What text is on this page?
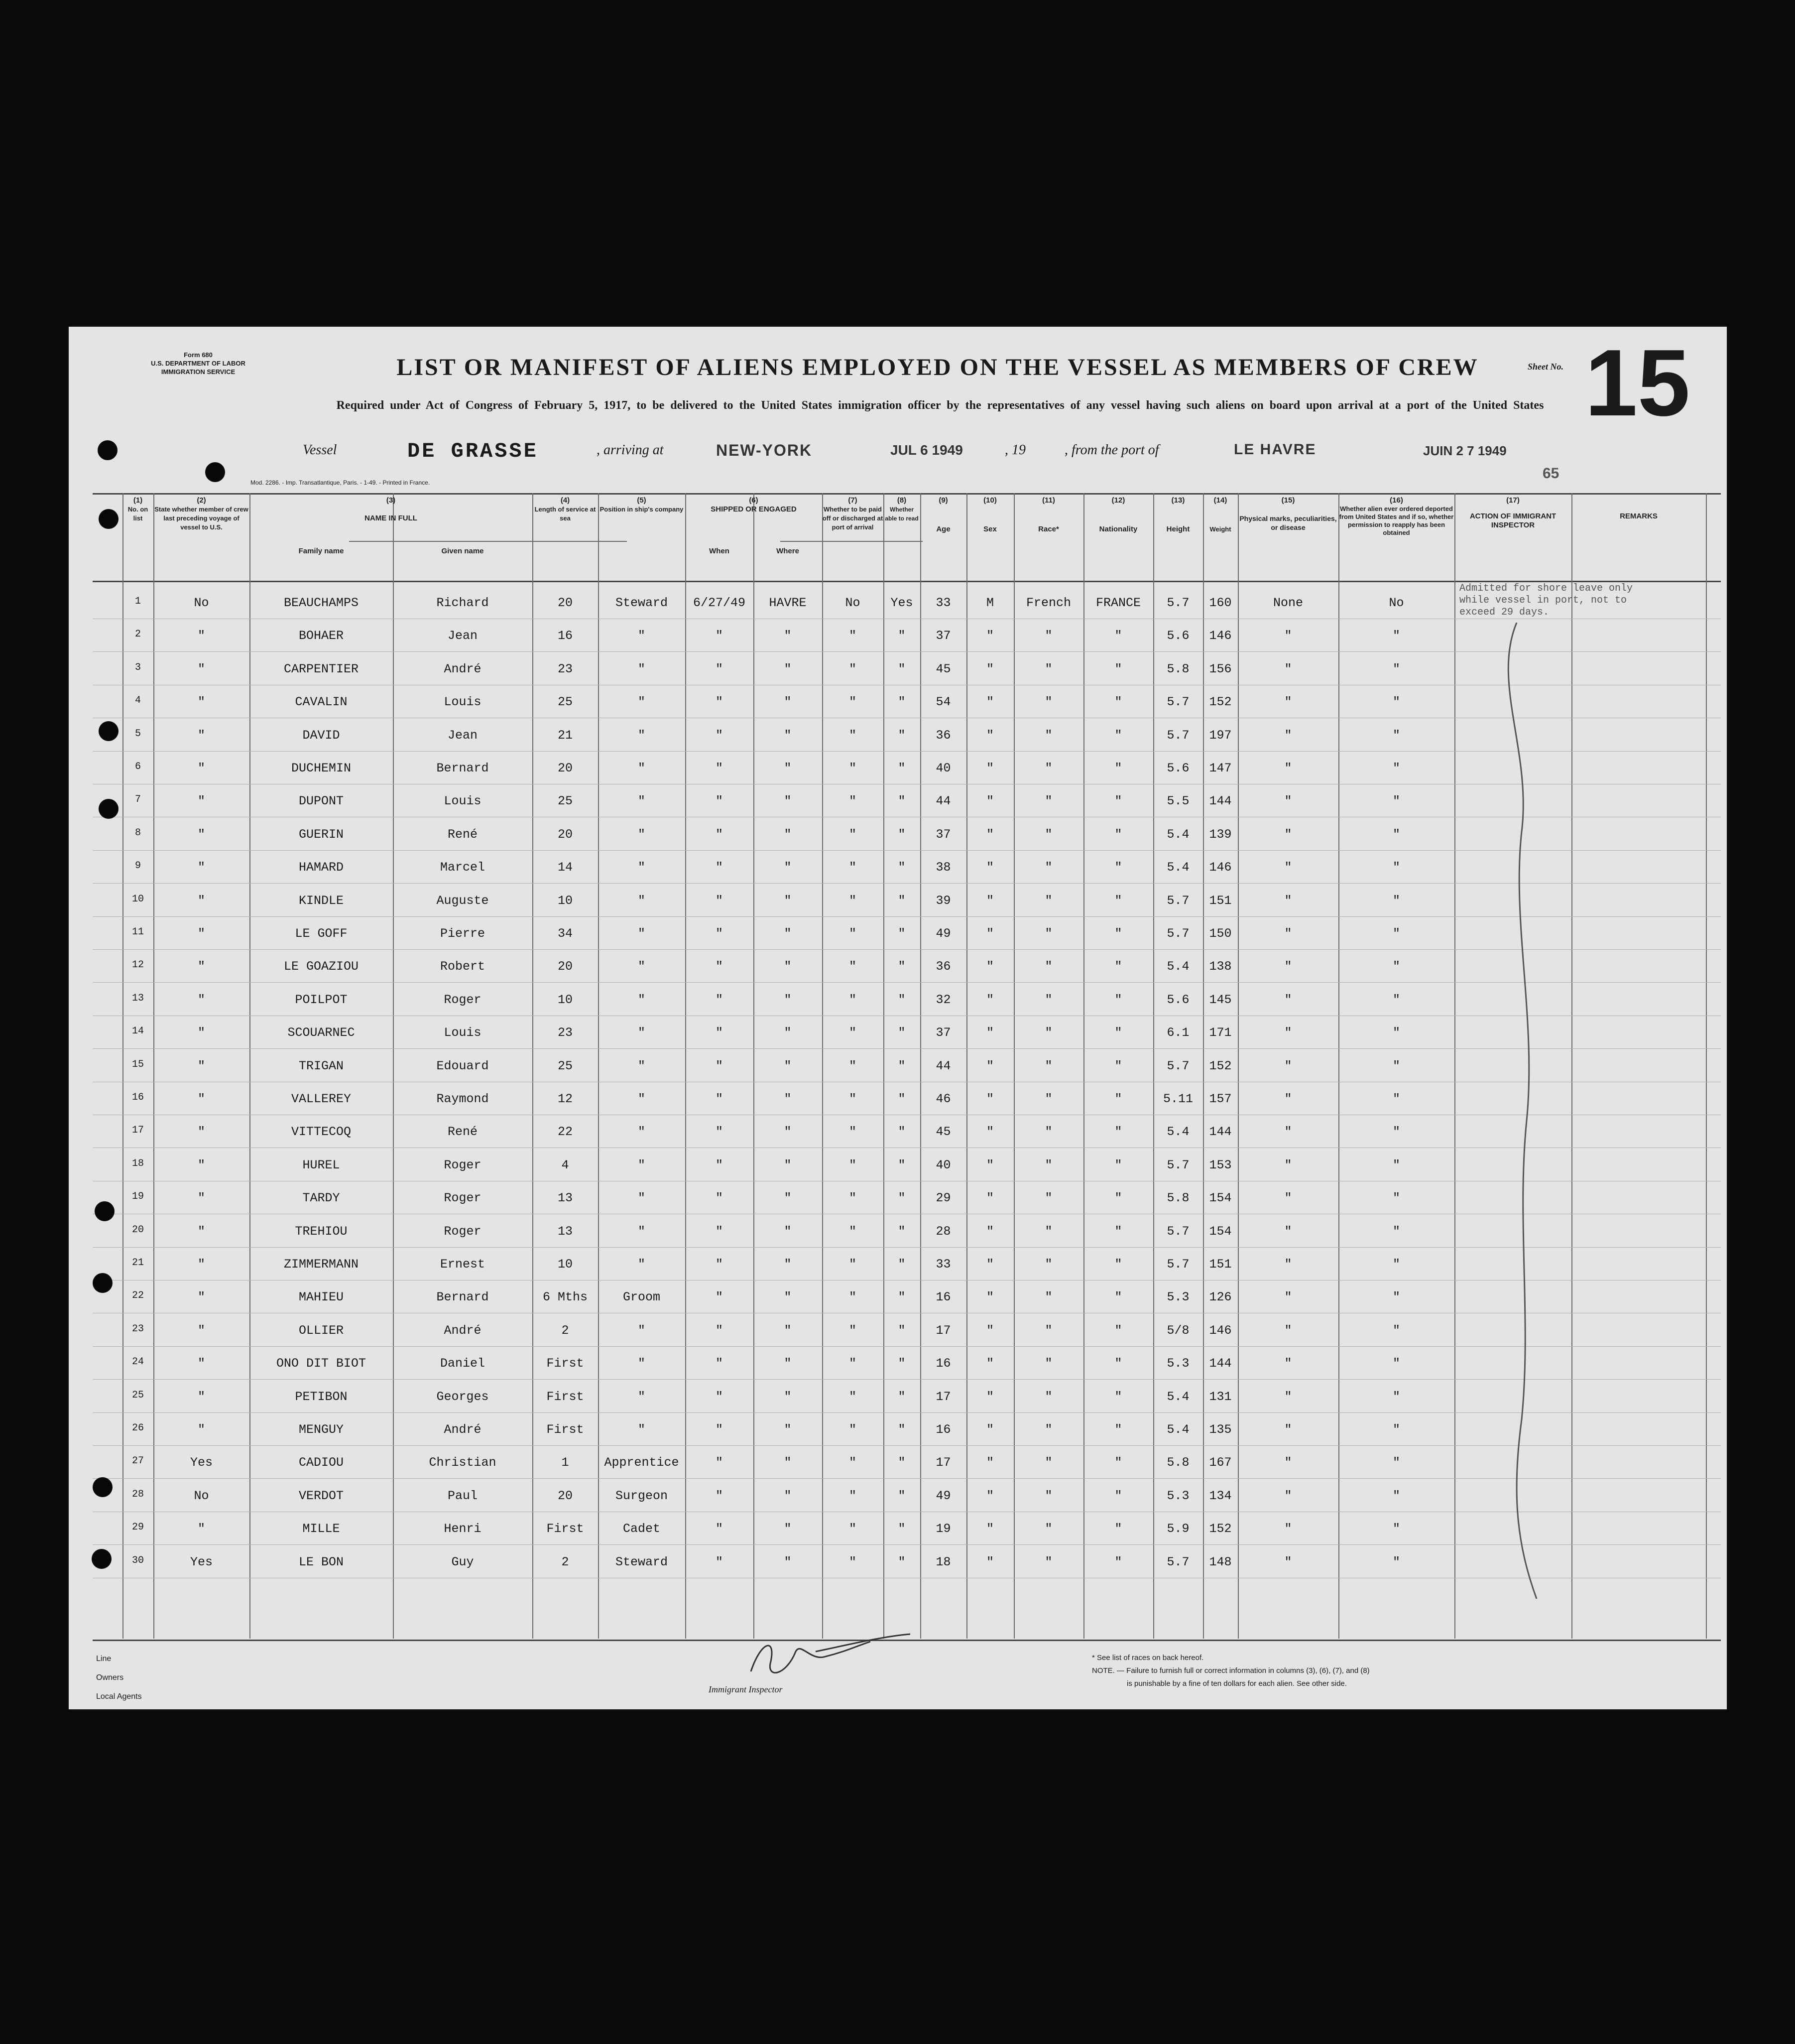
Form 680
U.S. DEPARTMENT OF LABOR
IMMIGRATION SERVICE	LIST OR MANIFEST OF ALIENS EMPLOYED ON THE VESSEL AS MEMBERS OF CREW
Required under Act of Congress of February 5, 1917, to be delivered to the United States immigration officer by the representatives of any vessel having such aliens on board upon arrival at a port of the United States
Sheet No. 15
Vessel	DE GRASSE	, arriving at	NEW-YORK	JUL 6 1949	, 19	, from the port of	LE HAVRE	JUIN 2 7 1949
65
Mod. 2286. - Imp. Transatlantique, Paris. - 1-49. - Printed in France.
(1)
No. on list
(2)
State whether member of crew last preceding voyage of vessel to U.S.
(3)
NAME IN FULL
Family name	Given name
(4)
Length of service at sea
(5)
Position in ship's company
(6)
SHIPPED OR ENGAGED
When	Where
(7)
Whether to be paid off or discharged at port of arrival
(8)
Whether able to read
(9)
Age
(10)
Sex
(11)
Race*
(12)
Nationality
(13)
Height
(14)
Weight
(15)
Physical marks, peculiarities, or disease
(16)
Whether alien ever ordered deported from United States and if so, whether permission to reapply has been obtained
(17)
ACTION OF IMMIGRANT INSPECTOR
REMARKS
1	No	BEAUCHAMPS	Richard	20	Steward	6/27/49	HAVRE	No	Yes	33	M	French	FRANCE	5.7	160	None	No
2	"	BOHAER	Jean	16	"	"	"	"	"	37	"	"	"	5.6	146	"	"
3	"	CARPENTIER	André	23	"	"	"	"	"	45	"	"	"	5.8	156	"	"
4	"	CAVALIN	Louis	25	"	"	"	"	"	54	"	"	"	5.7	152	"	"
5	"	DAVID	Jean	21	"	"	"	"	"	36	"	"	"	5.7	197	"	"
6	"	DUCHEMIN	Bernard	20	"	"	"	"	"	40	"	"	"	5.6	147	"	"
7	"	DUPONT	Louis	25	"	"	"	"	"	44	"	"	"	5.5	144	"	"
8	"	GUERIN	René	20	"	"	"	"	"	37	"	"	"	5.4	139	"	"
9	"	HAMARD	Marcel	14	"	"	"	"	"	38	"	"	"	5.4	146	"	"
10	"	KINDLE	Auguste	10	"	"	"	"	"	39	"	"	"	5.7	151	"	"
11	"	LE GOFF	Pierre	34	"	"	"	"	"	49	"	"	"	5.7	150	"	"
12	"	LE GOAZIOU	Robert	20	"	"	"	"	"	36	"	"	"	5.4	138	"	"
13	"	POILPOT	Roger	10	"	"	"	"	"	32	"	"	"	5.6	145	"	"
14	"	SCOUARNEC	Louis	23	"	"	"	"	"	37	"	"	"	6.1	171	"	"
15	"	TRIGAN	Edouard	25	"	"	"	"	"	44	"	"	"	5.7	152	"	"
16	"	VALLEREY	Raymond	12	"	"	"	"	"	46	"	"	"	5.11	157	"	"
17	"	VITTECOQ	René	22	"	"	"	"	"	45	"	"	"	5.4	144	"	"
18	"	HUREL	Roger	4	"	"	"	"	"	40	"	"	"	5.7	153	"	"
19	"	TARDY	Roger	13	"	"	"	"	"	29	"	"	"	5.8	154	"	"
20	"	TREHIOU	Roger	13	"	"	"	"	"	28	"	"	"	5.7	154	"	"
21	"	ZIMMERMANN	Ernest	10	"	"	"	"	"	33	"	"	"	5.7	151	"	"
22	"	MAHIEU	Bernard	6 Mths	Groom	"	"	"	"	16	"	"	"	5.3	126	"	"
23	"	OLLIER	André	2	"	"	"	"	"	17	"	"	"	5/8	146	"	"
24	"	ONO DIT BIOT	Daniel	First	"	"	"	"	"	16	"	"	"	5.3	144	"	"
25	"	PETIBON	Georges	First	"	"	"	"	"	17	"	"	"	5.4	131	"	"
26	"	MENGUY	André	First	"	"	"	"	"	16	"	"	"	5.4	135	"	"
27	Yes	CADIOU	Christian	1	Apprentice	"	"	"	"	17	"	"	"	5.8	167	"	"
28	No	VERDOT	Paul	20	Surgeon	"	"	"	"	49	"	"	"	5.3	134	"	"
29	"	MILLE	Henri	First	Cadet	"	"	"	"	19	"	"	"	5.9	152	"	"
30	Yes	LE BON	Guy	2	Steward	"	"	"	"	18	"	"	"	5.7	148	"	"
Admitted for shore leave only while vessel in port, not to exceed 29 days.
Line
Owners
Local Agents
Immigrant Inspector
* See list of races on back hereof.
NOTE. — Failure to furnish full or correct information in columns (3), (6), (7), and (8)
is punishable by a fine of ten dollars for each alien. See other side.
